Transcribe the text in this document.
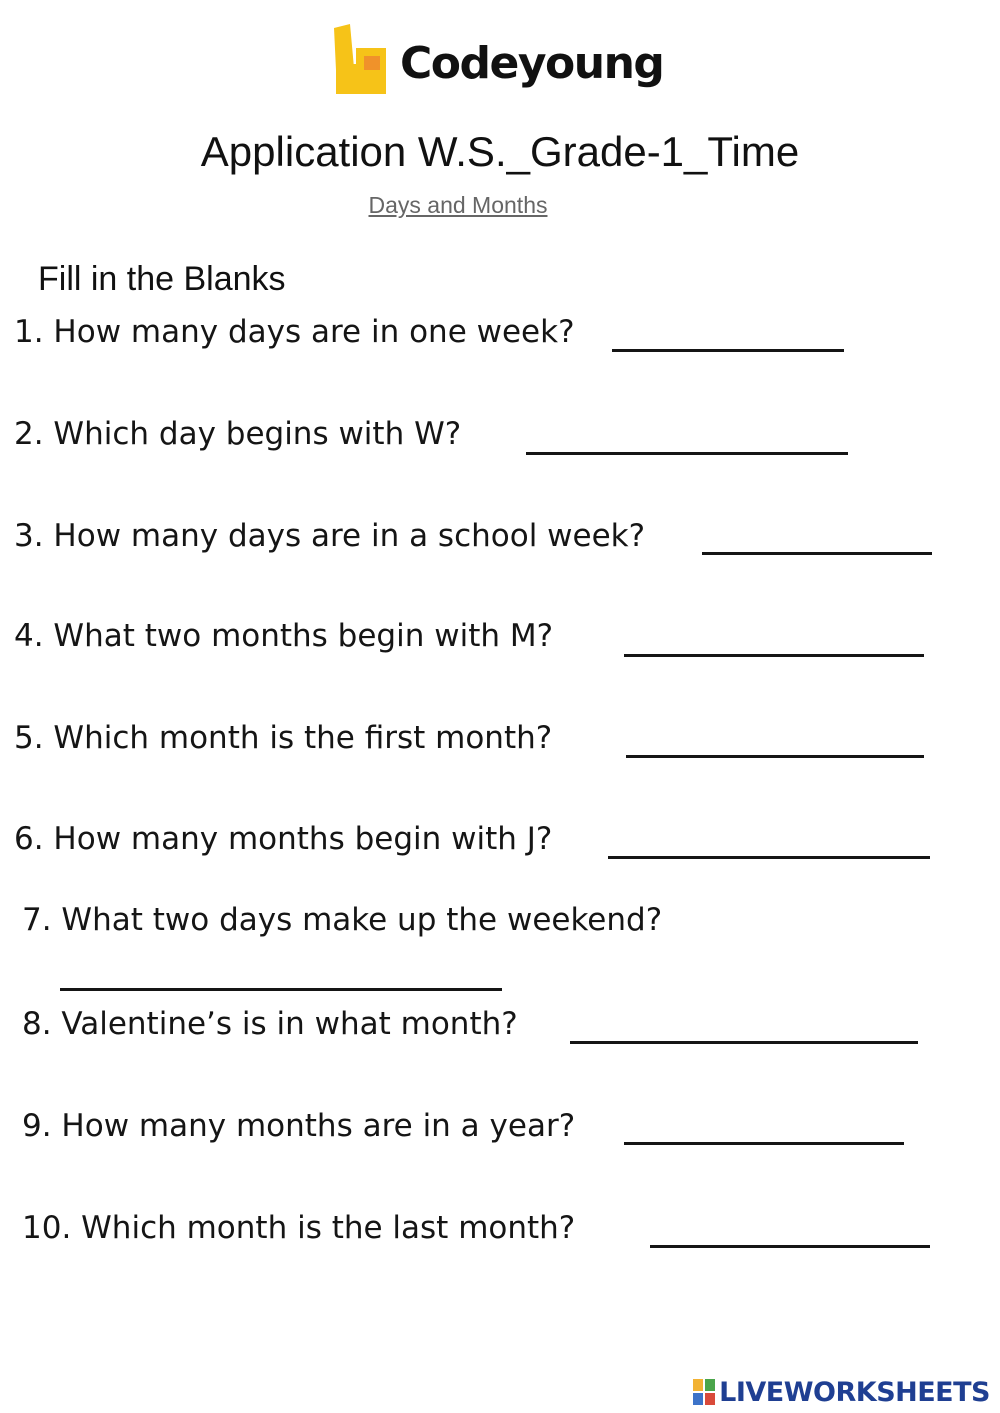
Codeyoung
Application W.S._Grade-1_Time
Days and Months
Fill in the Blanks
1. How many days are in one week?
2. Which day begins with W?
3. How many days are in a school week?
4. What two months begin with M?
5. Which month is the first month?
6. How many months begin with J?
7. What two days make up the weekend?
8. Valentine’s is in what month?
9. How many months are in a year?
10. Which month is the last month?
LIVEWORKSHEETS
